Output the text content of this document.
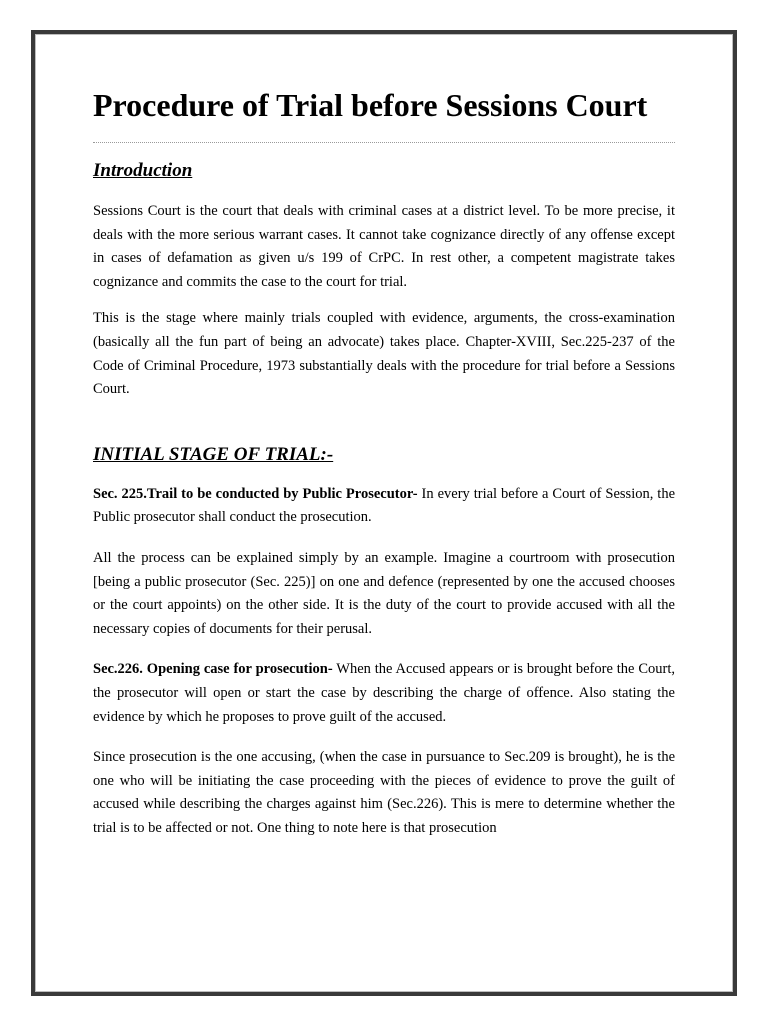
Procedure of Trial before Sessions Court
Introduction

Sessions Court is the court that deals with criminal cases at a district level. To be more precise, it deals with the more serious warrant cases. It cannot take cognizance directly of any offense except in cases of defamation as given u/s 199 of CrPC. In rest other, a competent magistrate takes cognizance and commits the case to the court for trial.

This is the stage where mainly trials coupled with evidence, arguments, the cross-examination (basically all the fun part of being an advocate) takes place. Chapter-XVIII, Sec.225-237 of the Code of Criminal Procedure, 1973 substantially deals with the procedure for trial before a Sessions Court.

INITIAL STAGE OF TRIAL:-

Sec. 225.Trail to be conducted by Public Prosecutor- In every trial before a Court of Session, the Public prosecutor shall conduct the prosecution.

All the process can be explained simply by an example. Imagine a courtroom with prosecution [being a public prosecutor (Sec. 225)] on one and defence (represented by one the accused chooses or the court appoints) on the other side. It is the duty of the court to provide accused with all the necessary copies of documents for their perusal.

Sec.226. Opening case for prosecution- When the Accused appears or is brought before the Court, the prosecutor will open or start the case by describing the charge of offence. Also stating the evidence by which he proposes to prove guilt of the accused.

Since prosecution is the one accusing, (when the case in pursuance to Sec.209 is brought), he is the one who will be initiating the case proceeding with the pieces of evidence to prove the guilt of accused while describing the charges against him (Sec.226). This is mere to determine whether the trial is to be affected or not. One thing to note here is that prosecution
